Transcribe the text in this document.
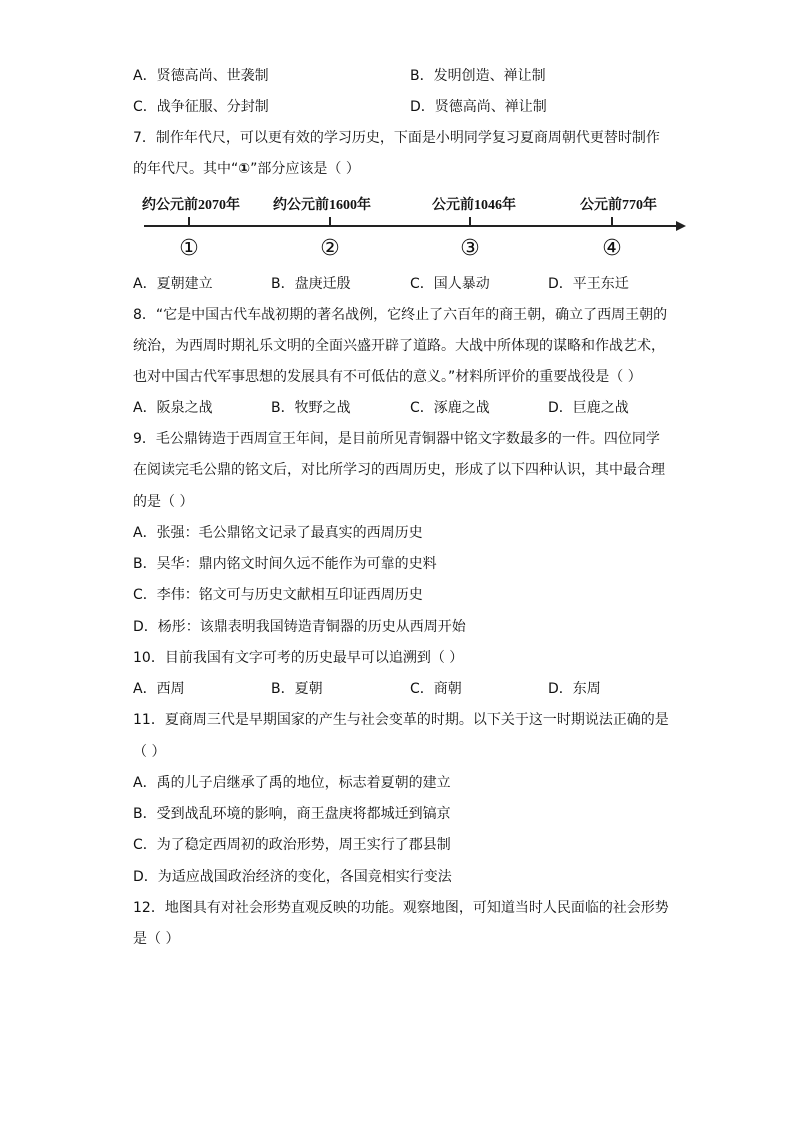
A．贤德高尚、世袭制	B．发明创造、禅让制
C．战争征服、分封制	D．贤德高尚、禅让制
7．制作年代尺，可以更有效的学习历史，下面是小明同学复习夏商周朝代更替时制作
的年代尺。其中“①”部分应该是（ ）
约公元前2070年 约公元前1600年	公元前1046年	公元前770年
①	②	③	④
A．夏朝建立	B．盘庚迁殷	C．国人暴动	D．平王东迁
8．“它是中国古代车战初期的著名战例，它终止了六百年的商王朝，确立了西周王朝的
统治，为西周时期礼乐文明的全面兴盛开辟了道路。大战中所体现的谋略和作战艺术，
也对中国古代军事思想的发展具有不可低估的意义。”材料所评价的重要战役是（ ）
A．阪泉之战	B．牧野之战	C．涿鹿之战	D．巨鹿之战
9．毛公鼎铸造于西周宣王年间，是目前所见青铜器中铭文字数最多的一件。四位同学
在阅读完毛公鼎的铭文后，对比所学习的西周历史，形成了以下四种认识，其中最合理
的是（ ）
A．张强：毛公鼎铭文记录了最真实的西周历史
B．吴华：鼎内铭文时间久远不能作为可靠的史料
C．李伟：铭文可与历史文献相互印证西周历史
D．杨彤：该鼎表明我国铸造青铜器的历史从西周开始
10．目前我国有文字可考的历史最早可以追溯到（ ）
A．西周	B．夏朝	C．商朝	D．东周
11．夏商周三代是早期国家的产生与社会变革的时期。以下关于这一时期说法正确的是
（ ）
A．禹的儿子启继承了禹的地位，标志着夏朝的建立
B．受到战乱环境的影响，商王盘庚将都城迁到镐京
C．为了稳定西周初的政治形势，周王实行了郡县制
D．为适应战国政治经济的变化，各国竞相实行变法
12．地图具有对社会形势直观反映的功能。观察地图，可知道当时人民面临的社会形势
是（ ）
